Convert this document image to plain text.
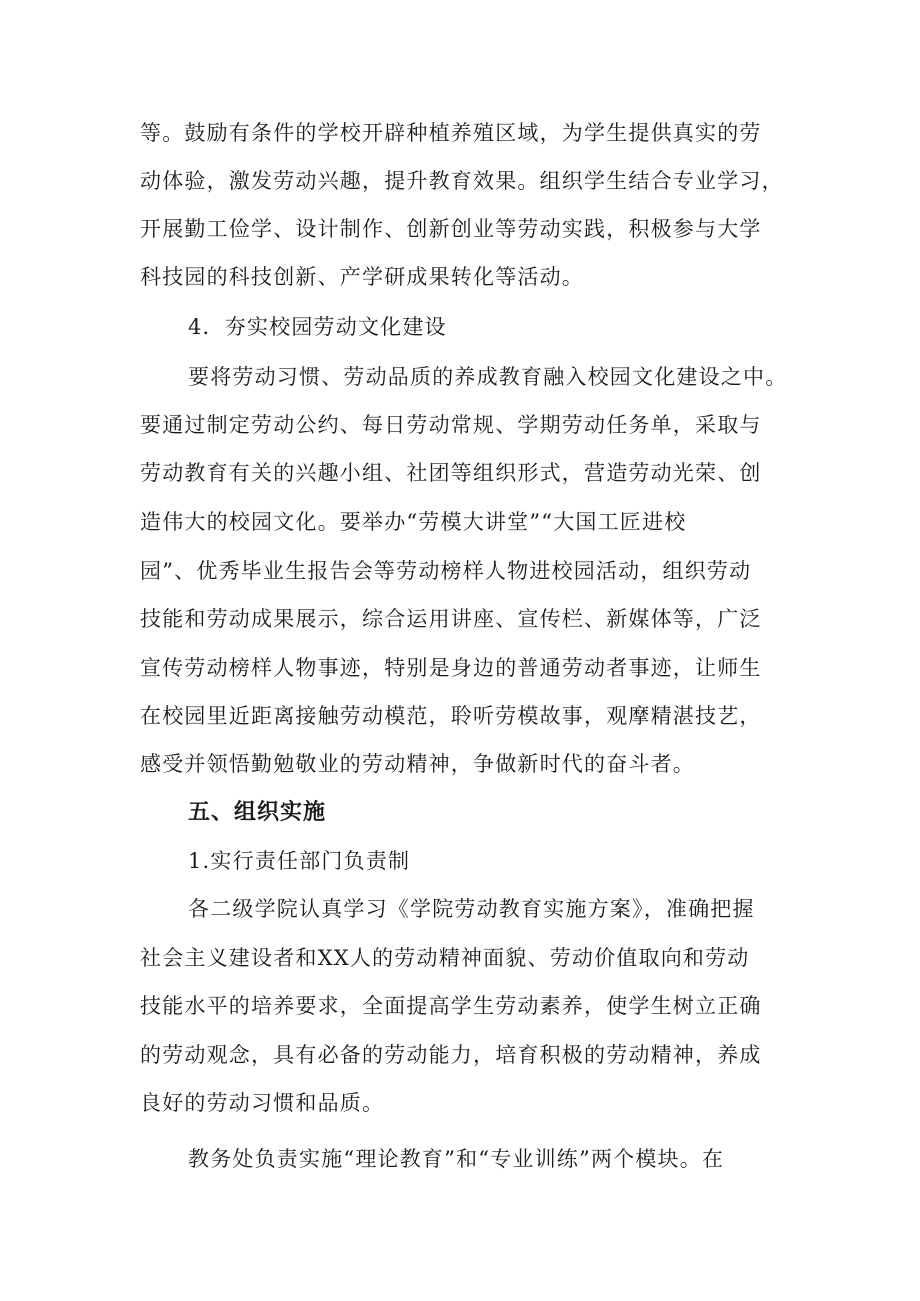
等。鼓励有条件的学校开辟种植养殖区域，为学生提供真实的劳
动体验，激发劳动兴趣，提升教育效果。组织学生结合专业学习，
开展勤工俭学、设计制作、创新创业等劳动实践，积极参与大学
科技园的科技创新、产学研成果转化等活动。
4．夯实校园劳动文化建设
要将劳动习惯、劳动品质的养成教育融入校园文化建设之中。
要通过制定劳动公约、每日劳动常规、学期劳动任务单，采取与
劳动教育有关的兴趣小组、社团等组织形式，营造劳动光荣、创
造伟大的校园文化。要举办“劳模大讲堂”“大国工匠进校
园”、优秀毕业生报告会等劳动榜样人物进校园活动，组织劳动
技能和劳动成果展示，综合运用讲座、宣传栏、新媒体等，广泛
宣传劳动榜样人物事迹，特别是身边的普通劳动者事迹，让师生
在校园里近距离接触劳动模范，聆听劳模故事，观摩精湛技艺，
感受并领悟勤勉敬业的劳动精神，争做新时代的奋斗者。
五、组织实施
1.实行责任部门负责制
各二级学院认真学习《学院劳动教育实施方案》，准确把握
社会主义建设者和XX人的劳动精神面貌、劳动价值取向和劳动
技能水平的培养要求，全面提高学生劳动素养，使学生树立正确
的劳动观念，具有必备的劳动能力，培育积极的劳动精神，养成
良好的劳动习惯和品质。
教务处负责实施“理论教育”和“专业训练”两个模块。在
